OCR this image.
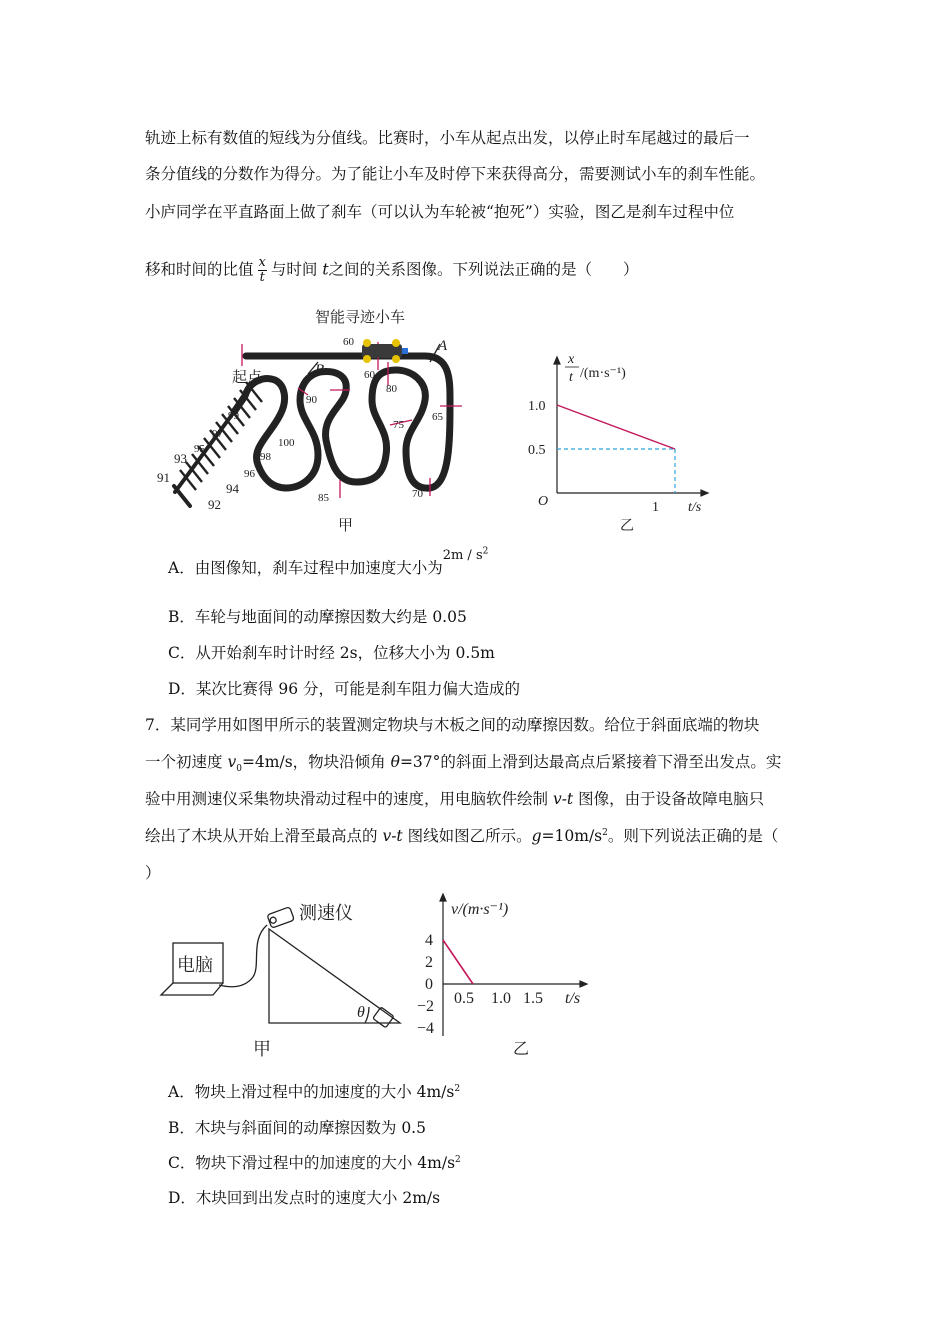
轨迹上标有数值的短线为分值线。比赛时，小车从起点出发，以停止时车尾越过的最后一
条分值线的分数作为得分。为了能让小车及时停下来获得高分，需要测试小车的刹车性能。
小庐同学在平直路面上做了刹车（可以认为车轮被“抱死”）实验，图乙是刹车过程中位
移和时间的比值 $\frac{x}{t}$ 与时间 t之间的关系图像。下列说法正确的是（　　）
智能寻迹小车
起点
A
B
甲
60
60
80
90
75
65
85	70
99
97
95
93
91
100
98
96
94
92
x
t /(m·s⁻¹)
1.0
0.5
O	1 t/s
乙
A．由图像知，刹车过程中加速度大小为$^{2m / s^2}$
B．车轮与地面间的动摩擦因数大约是 0.05
C．从开始刹车时计时经 2s，位移大小为 0.5m
D．某次比赛得 96 分，可能是刹车阻力偏大造成的
7．某同学用如图甲所示的装置测定物块与木板之间的动摩擦因数。给位于斜面底端的物块
一个初速度 $v_0=4m/s$，物块沿倾角 θ=37°的斜面上滑到达最高点后紧接着下滑至出发点。实
验中用测速仪采集物块滑动过程中的速度，用电脑软件绘制 v-t 图像，由于设备故障电脑只
绘出了木块从开始上滑至最高点的 v-t 图线如图乙所示。$g=10m/s^2$。则下列说法正确的是（
）
测速仪
电脑
θ
甲
v/(m·s⁻¹)
4
2
0
−2
−4
0.5 1.0 1.5 t/s
乙
A．物块上滑过程中的加速度的大小 $4m/s^2$
B．木块与斜面间的动摩擦因数为 0.5
C．物块下滑过程中的加速度的大小 $4m/s^2$
D．木块回到出发点时的速度大小 2m/s
